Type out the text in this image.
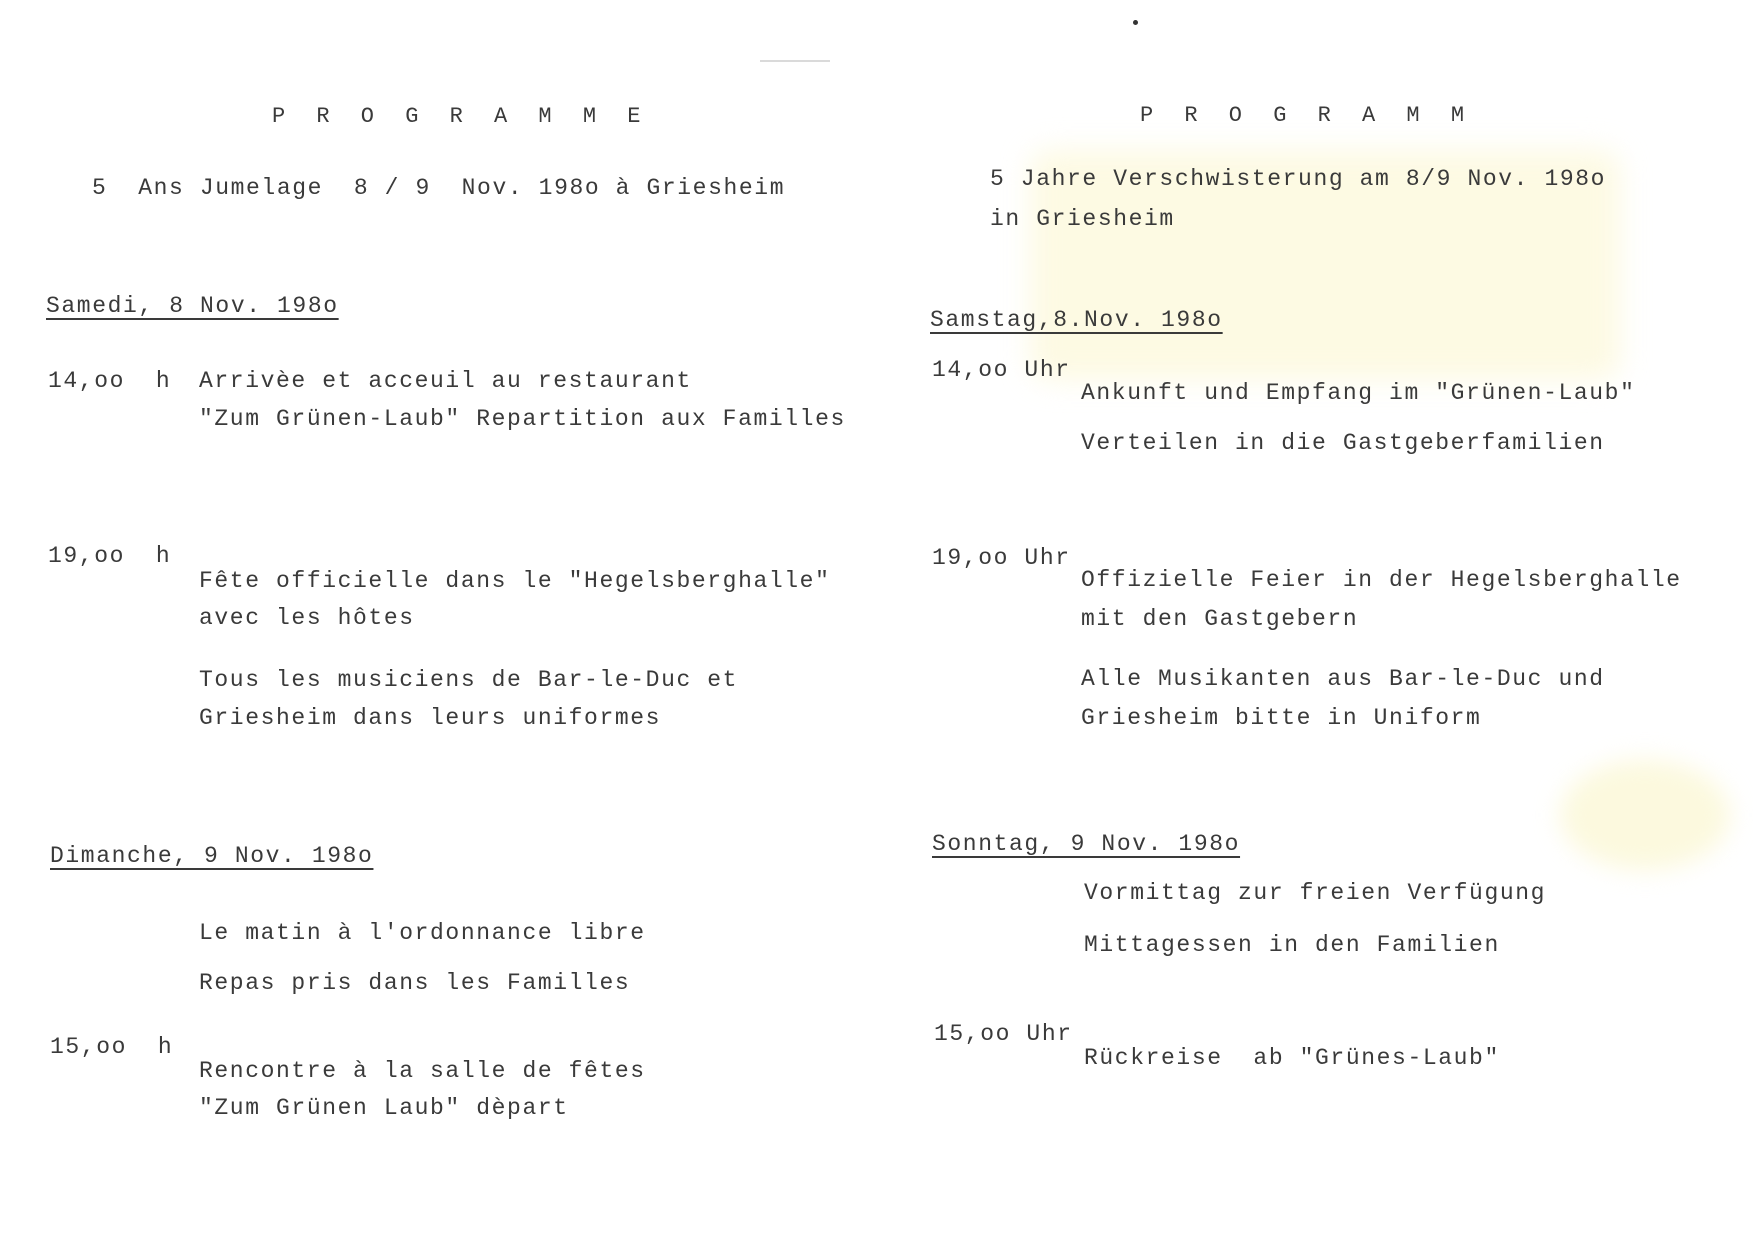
P R O G R A M M E
5  Ans Jumelage  8 / 9  Nov. 198o à Griesheim
Samedi, 8 Nov. 198o
14,oo  h Arrivèe et acceuil au restaurant
"Zum Grünen-Laub" Repartition aux Familles
19,oo  h
Fête officielle dans le "Hegelsberghalle"
avec les hôtes
Tous les musiciens de Bar-le-Duc et
Griesheim dans leurs uniformes
Dimanche, 9 Nov. 198o
Le matin à l'ordonnance libre
Repas pris dans les Familles
15,oo  h
Rencontre à la salle de fêtes
"Zum Grünen Laub" dèpart
P R O G R A M M
5 Jahre Verschwisterung am 8/9 Nov. 198o
in Griesheim
Samstag,8.Nov. 198o
14,oo Uhr
Ankunft und Empfang im "Grünen-Laub"
Verteilen in die Gastgeberfamilien
19,oo Uhr
Offizielle Feier in der Hegelsberghalle
mit den Gastgebern
Alle Musikanten aus Bar-le-Duc und
Griesheim bitte in Uniform
Sonntag, 9 Nov. 198o
Vormittag zur freien Verfügung
Mittagessen in den Familien
15,oo Uhr
Rückreise  ab "Grünes-Laub"
